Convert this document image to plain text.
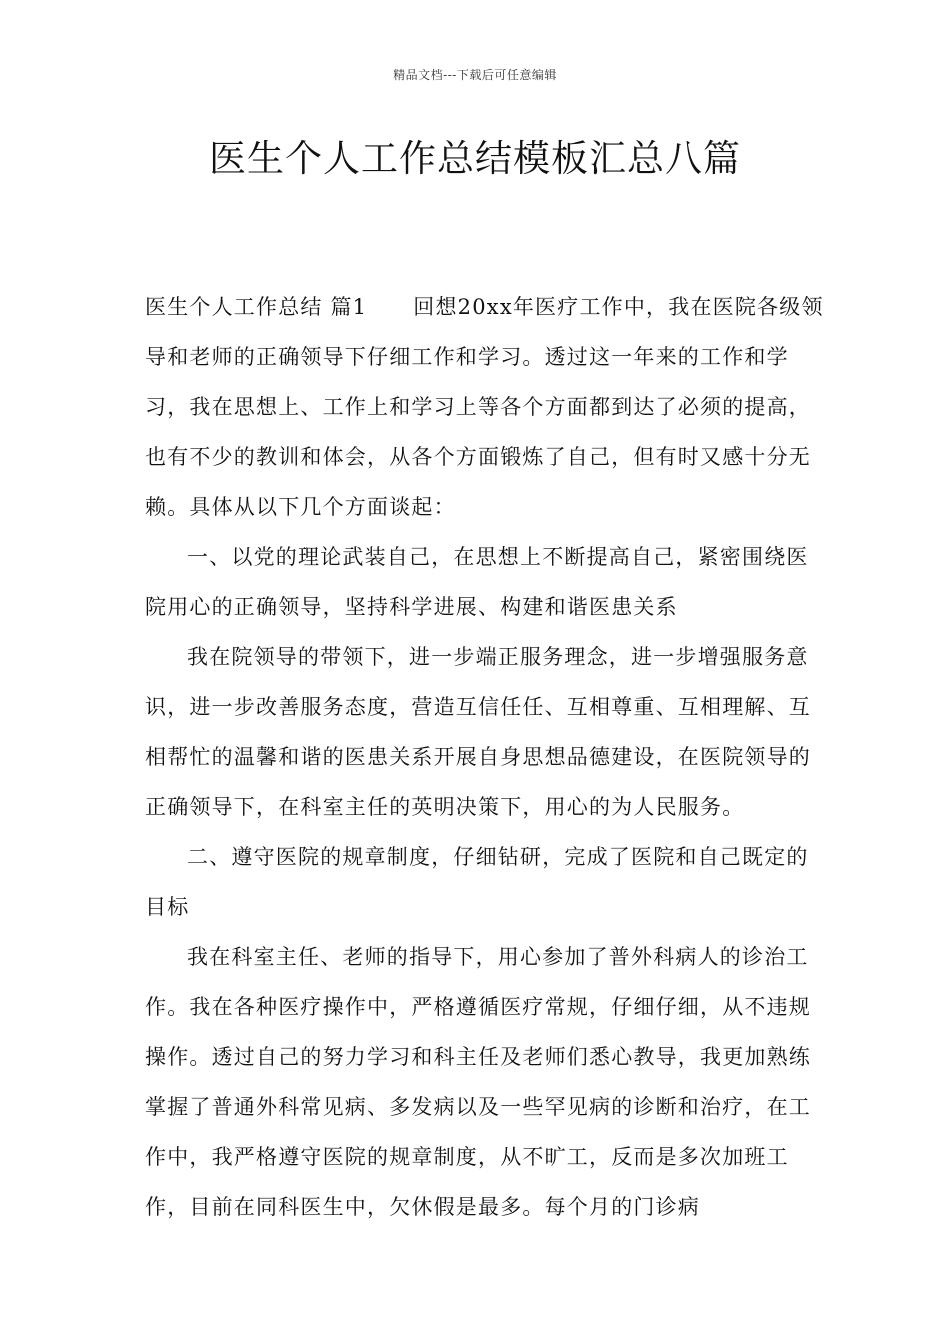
精品文档---下载后可任意编辑
医生个人工作总结模板汇总八篇

医生个人工作总结 篇1 回想20xx年医疗工作中，我在医院各级领导和老师的正确领导下仔细工作和学习。透过这一年来的工作和学习，我在思想上、工作上和学习上等各个方面都到达了必须的提高，也有不少的教训和体会，从各个方面锻炼了自己，但有时又感十分无赖。具体从以下几个方面谈起：

一、以党的理论武装自己，在思想上不断提高自己，紧密围绕医院用心的正确领导，坚持科学进展、构建和谐医患关系

我在院领导的带领下，进一步端正服务理念，进一步增强服务意识，进一步改善服务态度，营造互信任任、互相尊重、互相理解、互相帮忙的温馨和谐的医患关系开展自身思想品德建设，在医院领导的正确领导下，在科室主任的英明决策下，用心的为人民服务。

二、遵守医院的规章制度，仔细钻研，完成了医院和自己既定的目标

我在科室主任、老师的指导下，用心参加了普外科病人的诊治工作。我在各种医疗操作中，严格遵循医疗常规，仔细仔细，从不违规操作。透过自己的努力学习和科主任及老师们悉心教导，我更加熟练掌握了普通外科常见病、多发病以及一些罕见病的诊断和治疗，在工作中，我严格遵守医院的规章制度，从不旷工，反而是多次加班工作，目前在同科医生中，欠休假是最多。每个月的门诊病
